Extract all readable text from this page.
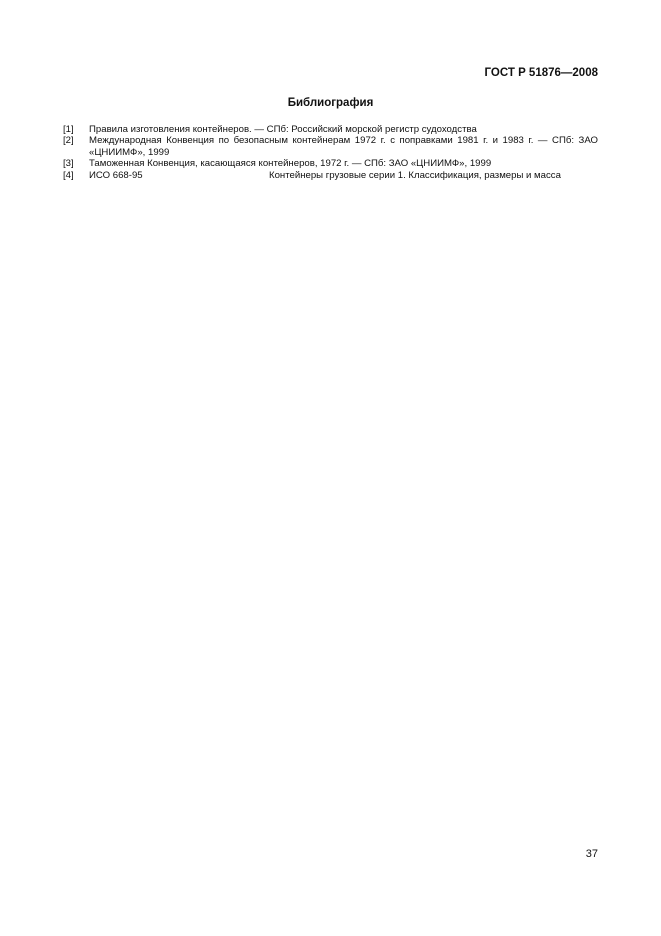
ГОСТ Р 51876—2008
Библиография
[1]	Правила изготовления контейнеров. — СПб: Российский морской регистр судоходства
[2]	Международная Конвенция по безопасным контейнерам 1972 г. с поправками 1981 г. и 1983 г. — СПб: ЗАО «ЦНИИМФ», 1999
[3]	Таможенная Конвенция, касающаяся контейнеров, 1972 г. — СПб: ЗАО «ЦНИИМФ», 1999
[4]	ИСО 668-95	Контейнеры грузовые серии 1. Классификация, размеры и масса
37
